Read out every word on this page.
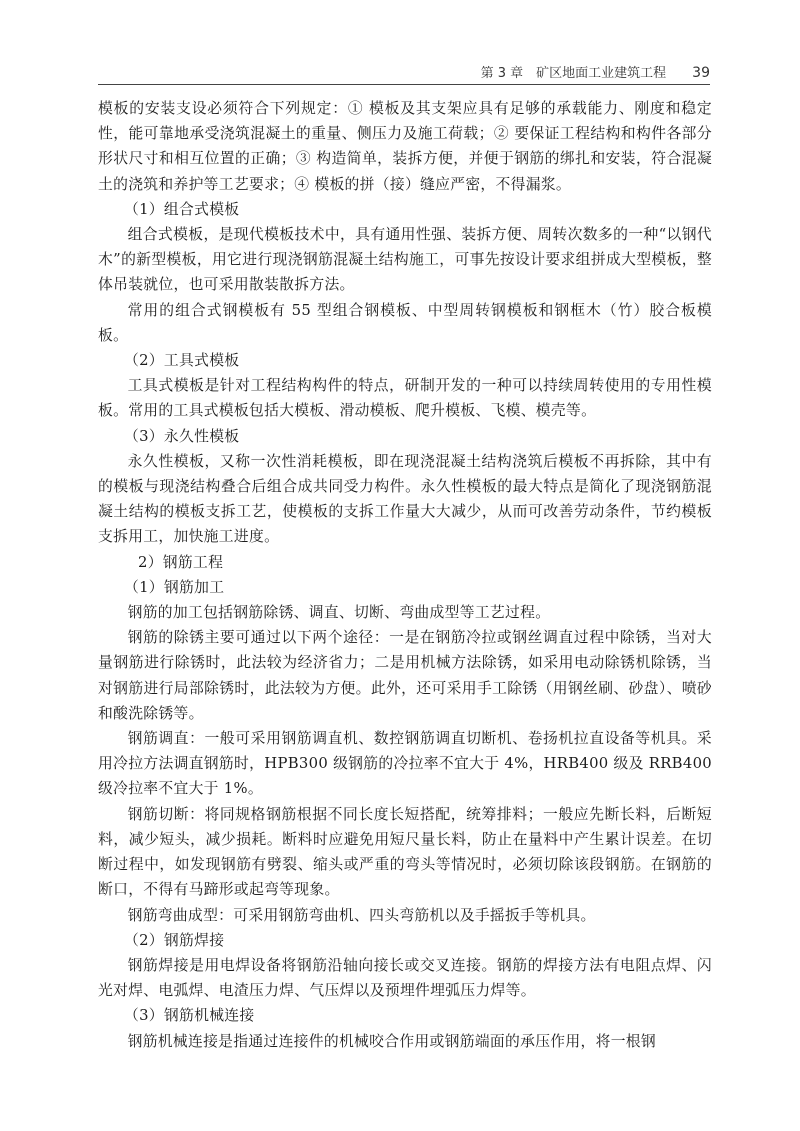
第 3 章　矿区地面工业建筑工程 39

模板的安装支设必须符合下列规定：① 模板及其支架应具有足够的承载能力、刚度和稳定性，能可靠地承受浇筑混凝土的重量、侧压力及施工荷载；② 要保证工程结构和构件各部分形状尺寸和相互位置的正确；③ 构造简单，装拆方便，并便于钢筋的绑扎和安装，符合混凝土的浇筑和养护等工艺要求；④ 模板的拼（接）缝应严密，不得漏浆。

（1）组合式模板

组合式模板，是现代模板技术中，具有通用性强、装拆方便、周转次数多的一种“以钢代木”的新型模板，用它进行现浇钢筋混凝土结构施工，可事先按设计要求组拼成大型模板，整体吊装就位，也可采用散装散拆方法。

常用的组合式钢模板有 55 型组合钢模板、中型周转钢模板和钢框木（竹）胶合板模板。

（2）工具式模板

工具式模板是针对工程结构构件的特点，研制开发的一种可以持续周转使用的专用性模板。常用的工具式模板包括大模板、滑动模板、爬升模板、飞模、模壳等。

（3）永久性模板

永久性模板，又称一次性消耗模板，即在现浇混凝土结构浇筑后模板不再拆除，其中有的模板与现浇结构叠合后组合成共同受力构件。永久性模板的最大特点是简化了现浇钢筋混凝土结构的模板支拆工艺，使模板的支拆工作量大大减少，从而可改善劳动条件，节约模板支拆用工，加快施工进度。

2）钢筋工程

（1）钢筋加工

钢筋的加工包括钢筋除锈、调直、切断、弯曲成型等工艺过程。

钢筋的除锈主要可通过以下两个途径：一是在钢筋冷拉或钢丝调直过程中除锈，当对大量钢筋进行除锈时，此法较为经济省力；二是用机械方法除锈，如采用电动除锈机除锈，当对钢筋进行局部除锈时，此法较为方便。此外，还可采用手工除锈（用钢丝刷、砂盘）、喷砂和酸洗除锈等。

钢筋调直：一般可采用钢筋调直机、数控钢筋调直切断机、卷扬机拉直设备等机具。采用冷拉方法调直钢筋时，HPB300 级钢筋的冷拉率不宜大于 4%，HRB400 级及 RRB400 级冷拉率不宜大于 1%。

钢筋切断：将同规格钢筋根据不同长度长短搭配，统筹排料；一般应先断长料，后断短料，减少短头，减少损耗。断料时应避免用短尺量长料，防止在量料中产生累计误差。在切断过程中，如发现钢筋有劈裂、缩头或严重的弯头等情况时，必须切除该段钢筋。在钢筋的断口，不得有马蹄形或起弯等现象。

钢筋弯曲成型：可采用钢筋弯曲机、四头弯筋机以及手摇扳手等机具。

（2）钢筋焊接

钢筋焊接是用电焊设备将钢筋沿轴向接长或交叉连接。钢筋的焊接方法有电阻点焊、闪光对焊、电弧焊、电渣压力焊、气压焊以及预埋件埋弧压力焊等。

（3）钢筋机械连接

钢筋机械连接是指通过连接件的机械咬合作用或钢筋端面的承压作用，将一根钢
